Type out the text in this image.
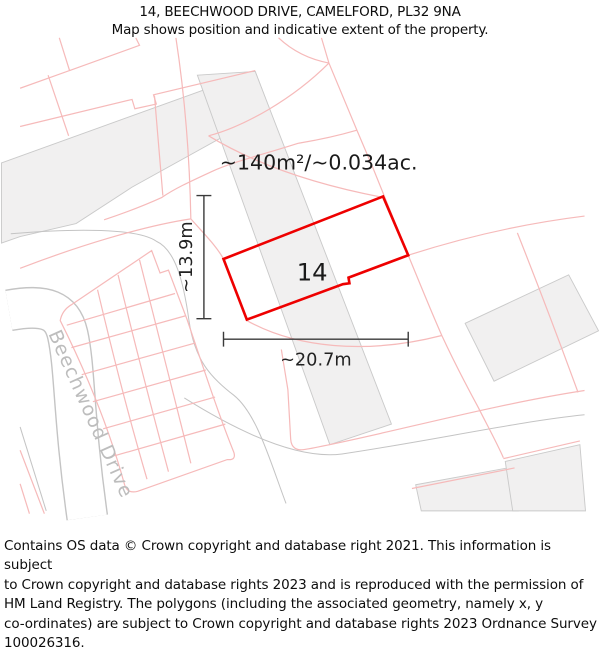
14, BEECHWOOD DRIVE, CAMELFORD, PL32 9NA
Map shows position and indicative extent of the property.
~140m²/~0.034ac.
14
~13.9m
~20.7m
Beechwood Drive
Contains OS data © Crown copyright and database right 2021. This information is subject
to Crown copyright and database rights 2023 and is reproduced with the permission of
HM Land Registry. The polygons (including the associated geometry, namely x, y
co-ordinates) are subject to Crown copyright and database rights 2023 Ordnance Survey
100026316.
